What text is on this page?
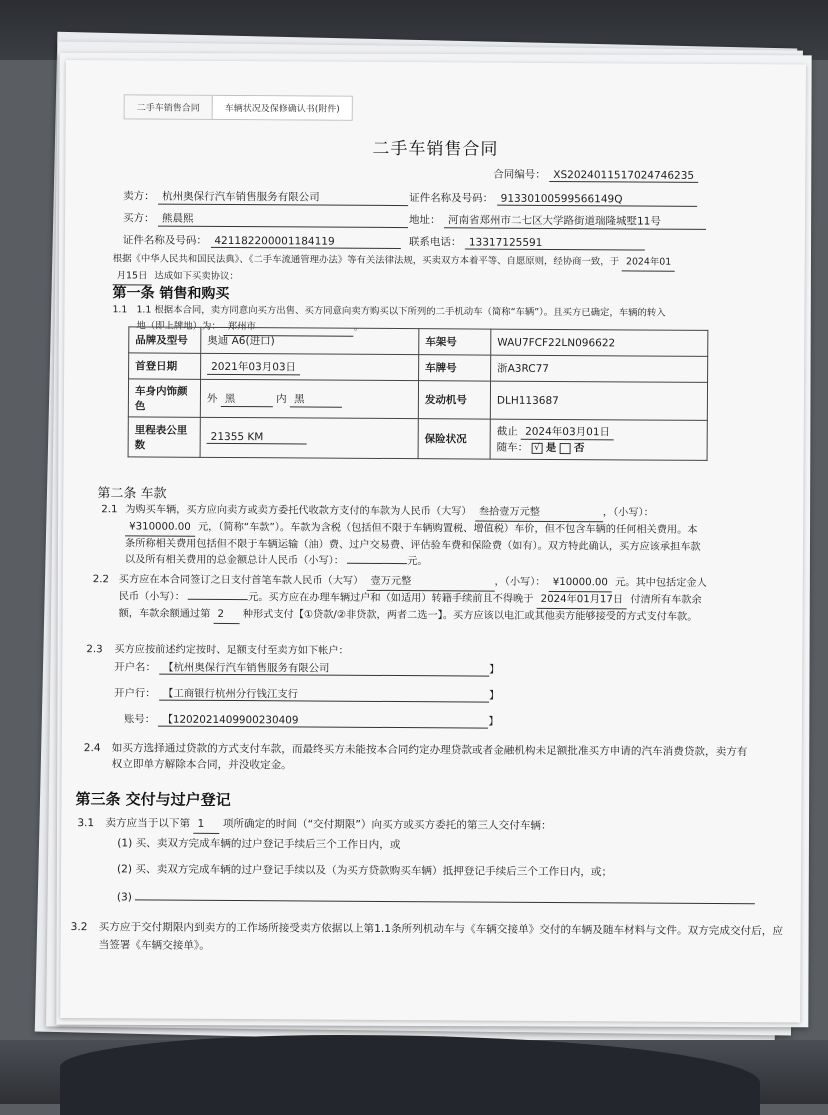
二手车销售合同	车辆状况及保修确认书(附件)
二手车销售合同
合同编号： XS2024011517024746235
卖方： 杭州奥保行汽车销售服务有限公司	证件名称及号码： 91330100599566149Q
买方： 熊晨熙	地址： 河南省郑州市二七区大学路街道瑞隆城墅11号
证件名称及号码： 421182200001184119	联系电话： 13317125591
根据《中华人民共和国民法典》、《二手车流通管理办法》等有关法律法规，买卖双方本着平等、自愿原则，经协商一致，于 2024年01
月15日 达成如下买卖协议：
第一条 销售和购买
1.1 1.1 根据本合同，卖方同意向买方出售、买方同意向卖方购买以下所列的二手机动车（简称“车辆”）。且买方已确定，车辆的转入
地（即上牌地）为： 郑州市	。
品牌及型号	奥迪 A6(进口)	车架号	WAU7FCF22LN096622
首登日期	2021年03月03日	车牌号	浙A3RC77
车身内饰颜色	外 黑 内 黑	发动机号	DLH113687
里程表公里数	21355 KM	保险状况	截止 2024年03月01日
随车： √ 是 否
第二条 车款
2.1 为购买车辆，买方应向卖方或卖方委托代收款方支付的车款为人民币（大写） 叁拾壹万元整	，（小写）： ¥310000.00 元，（简称“车款”）。车款为含税（包括但不限于车辆购置税、增值税）车价，但不包含车辆的任何相关费用。本条所称相关费用包括但不限于车辆运输（油）费、过户交易费、评估验车费和保险费（如有）。双方特此确认，买方应该承担车款以及所有相关费用的总金额总计人民币（小写）：	元。
2.2 买方应在本合同签订之日支付首笔车款人民币（大写） 壹万元整	，（小写）： ¥10000.00 元。其中包括定金人民币（小写）：	元。买方应在办理车辆过户和（如适用）转籍手续前且不得晚于 2024年01月17日 付清所有车款余额，车款余额通过第 2 种形式支付【①贷款/②非贷款，两者二选一】。买方应该以电汇或其他卖方能够接受的方式支付车款。
2.3 买方应按前述约定按时、足额支付至卖方如下帐户：
开户名： 【杭州奥保行汽车销售服务有限公司	】
开户行： 【工商银行杭州分行钱江支行	】
账号： 【1202021409900230409	】
2.4 如买方选择通过贷款的方式支付车款，而最终买方未能按本合同约定办理贷款或者金融机构未足额批准买方申请的汽车消费贷款，卖方有权立即单方解除本合同，并没收定金。
第三条 交付与过户登记
3.1 卖方应当于以下第 1 项所确定的时间（“交付期限”）向买方或买方委托的第三人交付车辆：
(1) 买、卖双方完成车辆的过户登记手续后三个工作日内，或
(2) 买、卖双方完成车辆的过户登记手续以及（为买方贷款购买车辆）抵押登记手续后三个工作日内，或；
(3)
3.2 买方应于交付期限内到卖方的工作场所接受卖方依据以上第1.1条所列机动车与《车辆交接单》交付的车辆及随车材料与文件。双方完成交付后，应当签署《车辆交接单》。
